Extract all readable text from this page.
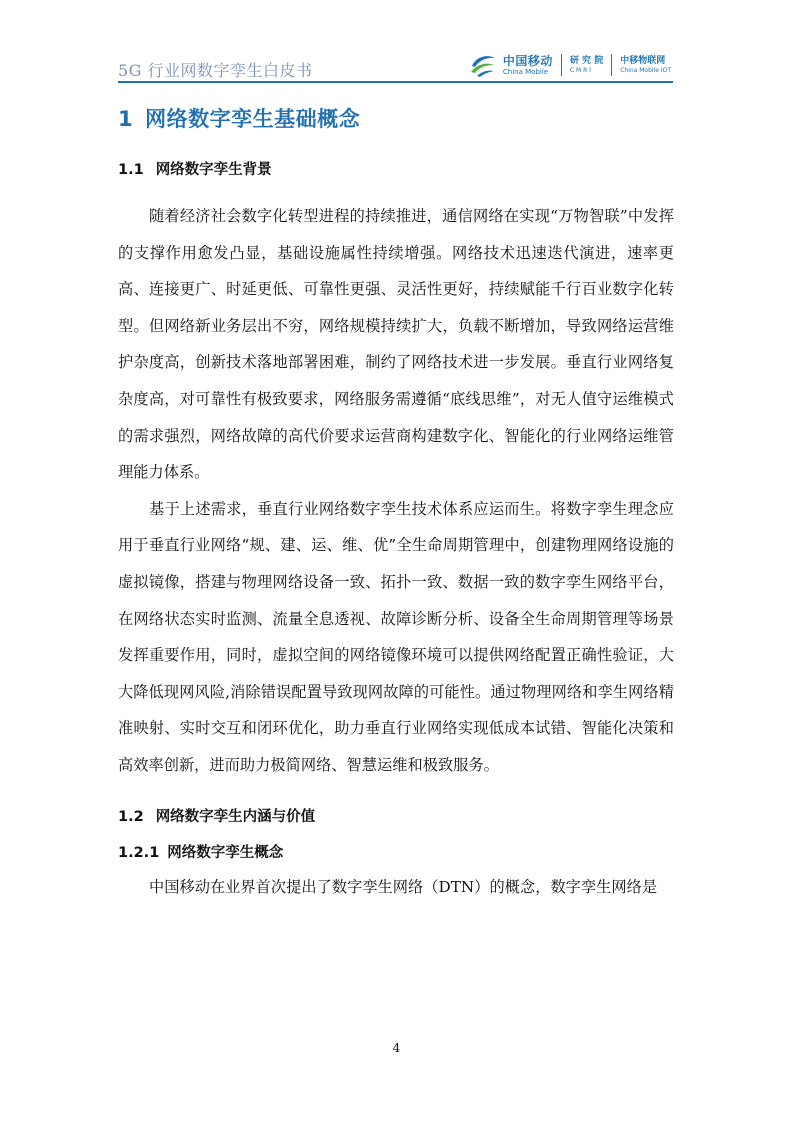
5G 行业网数字孪生白皮书
中国移动
China Mobile
研 究 院
C M R I
中移物联网
China Mobile IOT
1 网络数字孪生基础概念
1.1 网络数字孪生背景

随着经济社会数字化转型进程的持续推进，通信网络在实现“万物智联”中发挥的支撑作用愈发凸显，基础设施属性持续增强。网络技术迅速迭代演进，速率更高、连接更广、时延更低、可靠性更强、灵活性更好，持续赋能千行百业数字化转型。但网络新业务层出不穷，网络规模持续扩大，负载不断增加，导致网络运营维护杂度高，创新技术落地部署困难，制约了网络技术进一步发展。垂直行业网络复杂度高，对可靠性有极致要求，网络服务需遵循“底线思维”，对无人值守运维模式的需求强烈，网络故障的高代价要求运营商构建数字化、智能化的行业网络运维管理能力体系。

基于上述需求，垂直行业网络数字孪生技术体系应运而生。将数字孪生理念应用于垂直行业网络“规、建、运、维、优”全生命周期管理中，创建物理网络设施的虚拟镜像，搭建与物理网络设备一致、拓扑一致、数据一致的数字孪生网络平台，在网络状态实时监测、流量全息透视、故障诊断分析、设备全生命周期管理等场景发挥重要作用，同时，虚拟空间的网络镜像环境可以提供网络配置正确性验证，大大降低现网风险,消除错误配置导致现网故障的可能性。通过物理网络和孪生网络精准映射、实时交互和闭环优化，助力垂直行业网络实现低成本试错、智能化决策和高效率创新，进而助力极简网络、智慧运维和极致服务。

1.2 网络数字孪生内涵与价值
1.2.1 网络数字孪生概念

中国移动在业界首次提出了数字孪生网络（DTN）的概念，数字孪生网络是

4
